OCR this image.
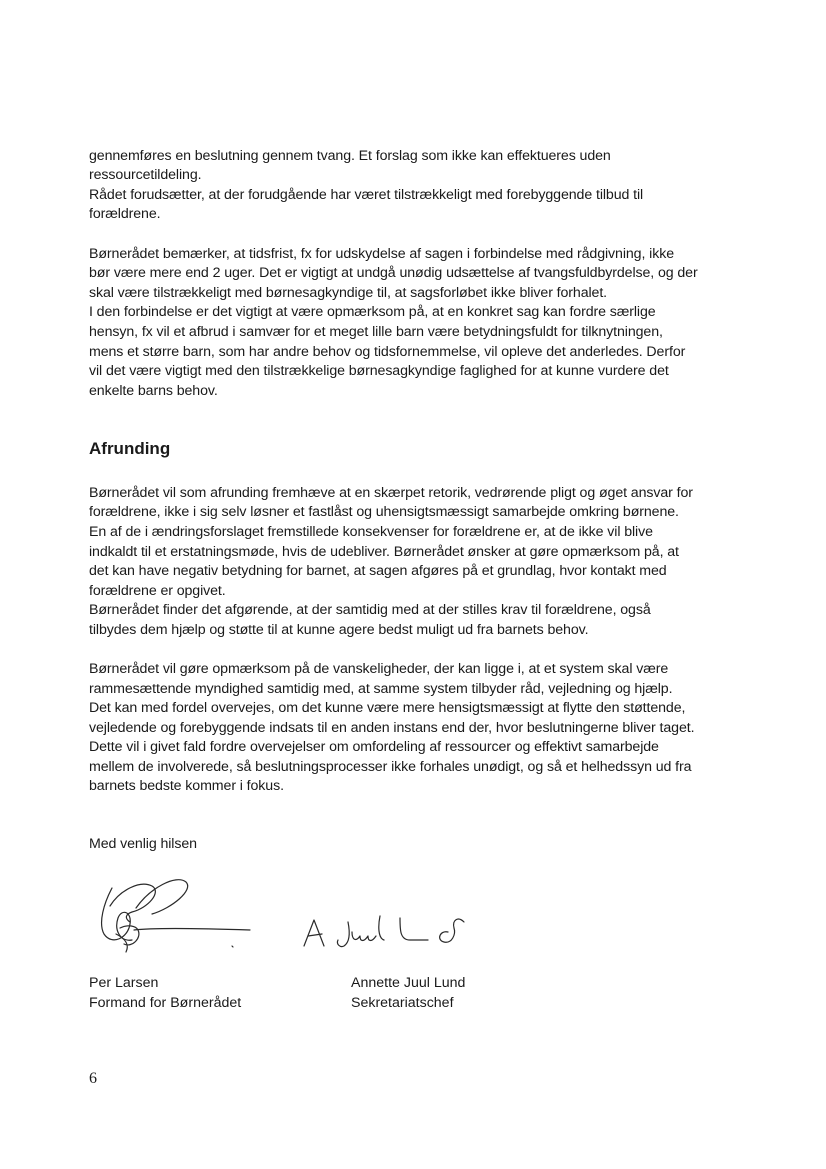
gennemføres en beslutning gennem tvang. Et forslag som ikke kan effektueres uden
ressourcetildeling.
Rådet forudsætter, at der forudgående har været tilstrækkeligt med forebyggende tilbud til
forældrene.
Børnerådet bemærker, at tidsfrist, fx for udskydelse af sagen i forbindelse med rådgivning, ikke
bør være mere end 2 uger. Det er vigtigt at undgå unødig udsættelse af tvangsfuldbyrdelse, og der
skal være tilstrækkeligt med børnesagkyndige til, at sagsforløbet ikke bliver forhalet.
I den forbindelse er det vigtigt at være opmærksom på, at en konkret sag kan fordre særlige
hensyn, fx vil et afbrud i samvær for et meget lille barn være betydningsfuldt for tilknytningen,
mens et større barn, som har andre behov og tidsfornemmelse, vil opleve det anderledes. Derfor
vil det være vigtigt med den tilstrækkelige børnesagkyndige faglighed for at kunne vurdere det
enkelte barns behov.
Afrunding
Børnerådet vil som afrunding fremhæve at en skærpet retorik, vedrørende pligt og øget ansvar for
forældrene, ikke i sig selv løsner et fastlåst og uhensigtsmæssigt samarbejde omkring børnene.
En af de i ændringsforslaget fremstillede konsekvenser for forældrene er, at de ikke vil blive
indkaldt til et erstatningsmøde, hvis de udebliver. Børnerådet ønsker at gøre opmærksom på, at
det kan have negativ betydning for barnet, at sagen afgøres på et grundlag, hvor kontakt med
forældrene er opgivet.
Børnerådet finder det afgørende, at der samtidig med at der stilles krav til forældrene, også
tilbydes dem hjælp og støtte til at kunne agere bedst muligt ud fra barnets behov.
Børnerådet vil gøre opmærksom på de vanskeligheder, der kan ligge i, at et system skal være
rammesættende myndighed samtidig med, at samme system tilbyder råd, vejledning og hjælp.
Det kan med fordel overvejes, om det kunne være mere hensigtsmæssigt at flytte den støttende,
vejledende og forebyggende indsats til en anden instans end der, hvor beslutningerne bliver taget.
Dette vil i givet fald fordre overvejelser om omfordeling af ressourcer og effektivt samarbejde
mellem de involverede, så beslutningsprocesser ikke forhales unødigt, og så et helhedssyn ud fra
barnets bedste kommer i fokus.
Med venlig hilsen
Per Larsen
Formand for Børnerådet
Annette Juul Lund
Sekretariatschef
6
